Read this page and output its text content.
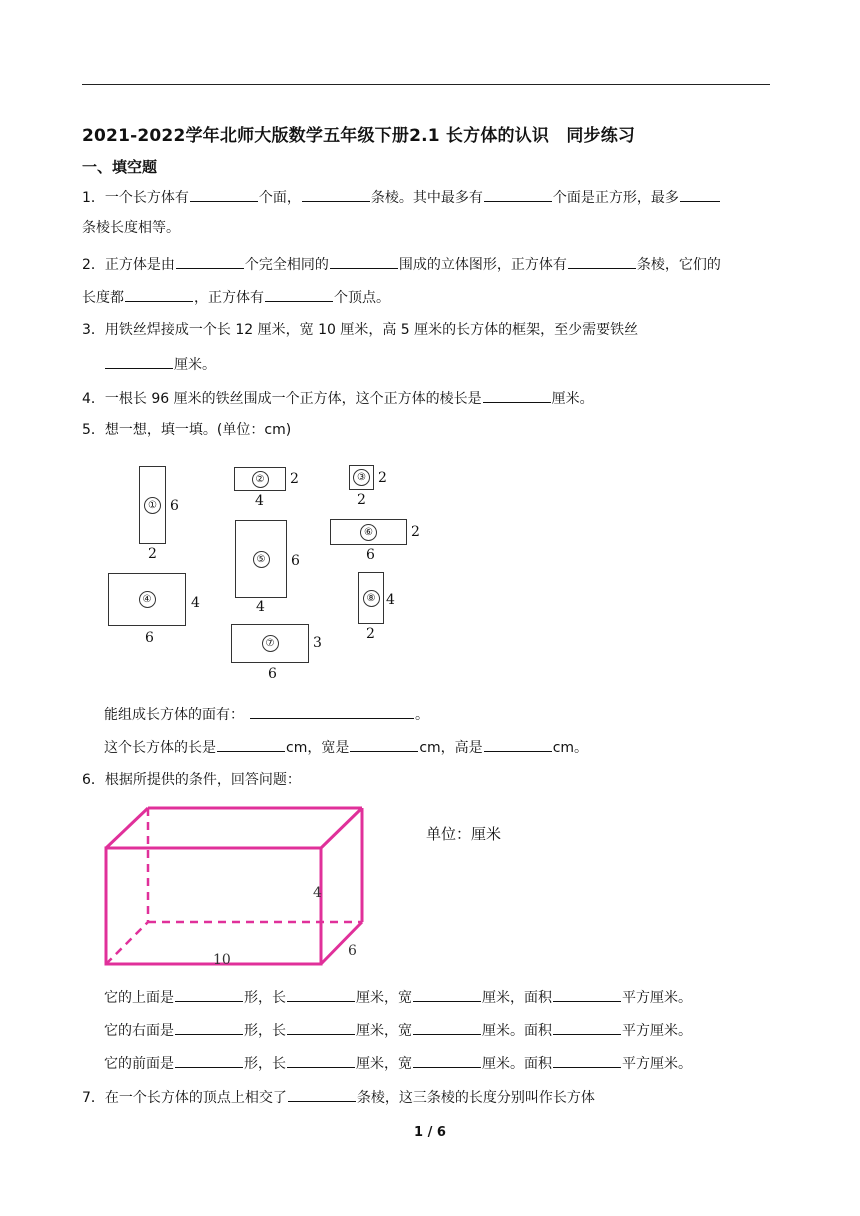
2021-2022学年北师大版数学五年级下册2.1 长方体的认识　同步练习
一、填空题
1．一个长方体有	个面，	条棱。其中最多有	个面是正方形，最多
条棱长度相等。
2．正方体是由	个完全相同的	围成的立体图形，正方体有	条棱，它们的
长度都	，正方体有	个顶点。
3．用铁丝焊接成一个长 12 厘米，宽 10 厘米，高 5 厘米的长方体的框架，至少需要铁丝
厘米。
4．一根长 96 厘米的铁丝围成一个正方体，这个正方体的棱长是	厘米。
5．想一想，填一填。(单位：cm)
① 6
2
② 2
4
③ 2
2
⑥	2
6
⑤ 6
4
④	4
6
⑧ 4
2
⑦	3
6
能组成长方体的面有：	。
这个长方体的长是	cm，宽是	cm，高是	cm。
6．根据所提供的条件，回答问题：
10
4
6
单位：厘米
它的上面是	形，长	厘米，宽	厘米，面积	平方厘米。
它的右面是	形，长	厘米，宽	厘米。面积	平方厘米。
它的前面是	形，长	厘米，宽	厘米。面积	平方厘米。
7．在一个长方体的顶点上相交了	条棱，这三条棱的长度分别叫作长方体
1 / 6
